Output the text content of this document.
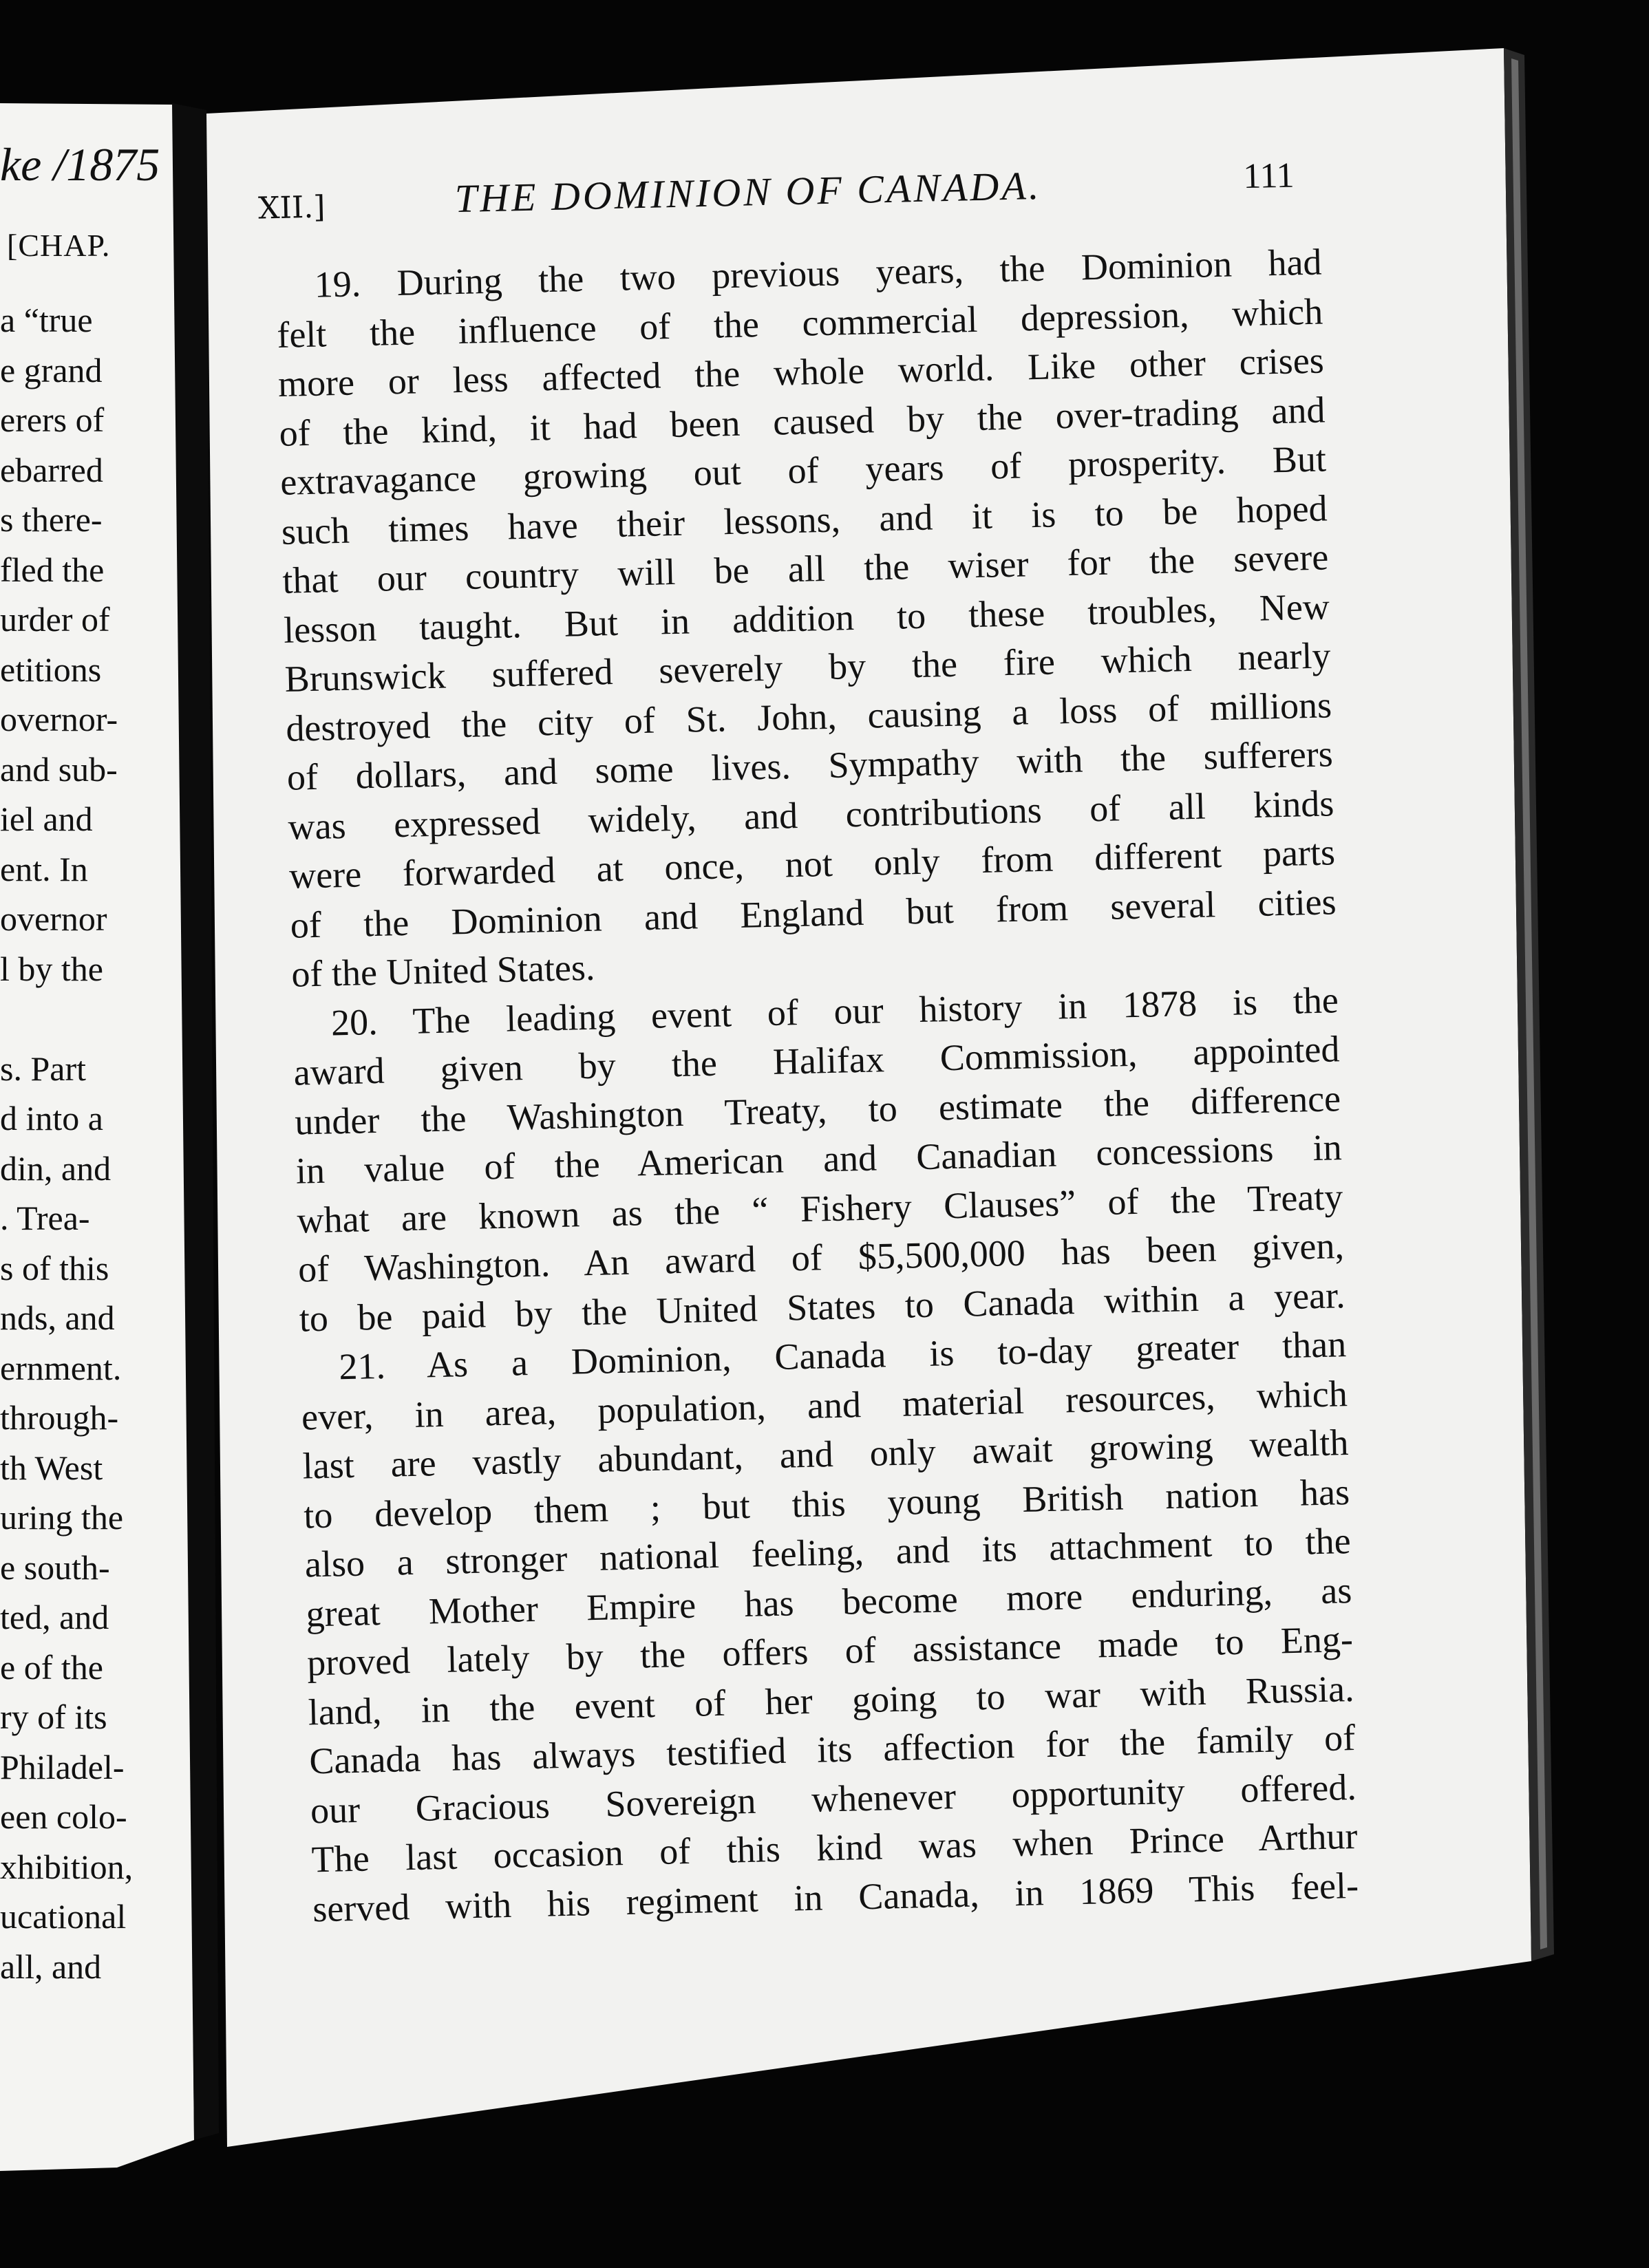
ke /1875
[CHAP.
a “true
e grand
erers of
ebarred
s there-
fled the
urder of
etitions
overnor-
and sub-
iel and
ent. In
overnor
l by the
s. Part
d into a
din, and
. Trea-
s of this
nds, and
ernment.
through-
th West
uring the
e south-
ted, and
e of the
ry of its
Philadel-
een colo-
xhibition,
ucational
all, and
XII.]	THE DOMINION OF CANADA.	111
19. During the two previous years, the Dominion had
felt the influence of the commercial depression, which
more or less affected the whole world. Like other crises
of the kind, it had been caused by the over-trading and
extravagance growing out of years of prosperity. But
such times have their lessons, and it is to be hoped
that our country will be all the wiser for the severe
lesson taught. But in addition to these troubles, New
Brunswick suffered severely by the fire which nearly
destroyed the city of St. John, causing a loss of millions
of dollars, and some lives. Sympathy with the sufferers
was expressed widely, and contributions of all kinds
were forwarded at once, not only from different parts
of the Dominion and England but from several cities
of the United States.
20. The leading event of our history in 1878 is the
award given by the Halifax Commission, appointed
under the Washington Treaty, to estimate the difference
in value of the American and Canadian concessions in
what are known as the “ Fishery Clauses” of the Treaty
of Washington. An award of $5,500,000 has been given,
to be paid by the United States to Canada within a year.
21. As a Dominion, Canada is to-day greater than
ever, in area, population, and material resources, which
last are vastly abundant, and only await growing wealth
to develop them ; but this young British nation has
also a stronger national feeling, and its attachment to the
great Mother Empire has become more enduring, as
proved lately by the offers of assistance made to Eng-
land, in the event of her going to war with Russia.
Canada has always testified its affection for the family of
our Gracious Sovereign whenever opportunity offered.
The last occasion of this kind was when Prince Arthur
served with his regiment in Canada, in 1869 This feel-
